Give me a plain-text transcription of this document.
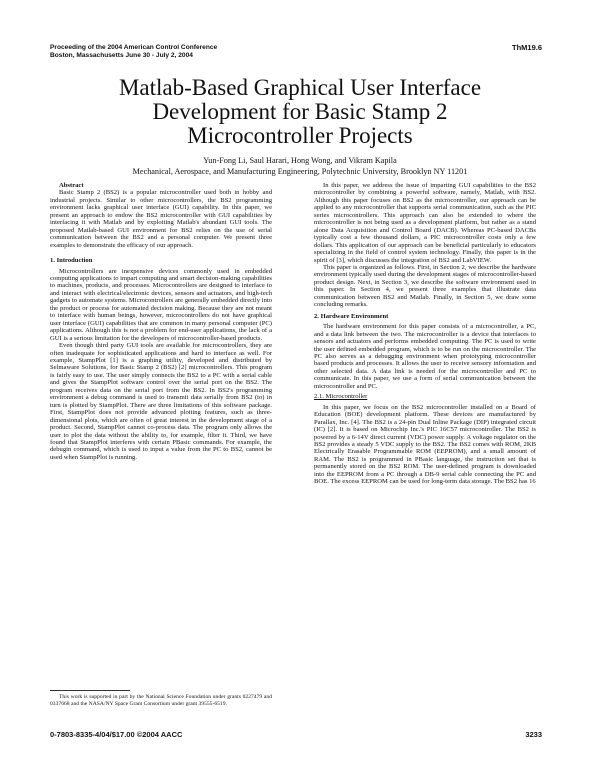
Proceeding of the 2004 American Control Conference
Boston, Massachusetts June 30 - July 2, 2004
ThM19.6
Matlab-Based Graphical User Interface
Development for Basic Stamp 2
Microcontroller Projects
Yun-Fong Li, Saul Harari, Hong Wong, and Vikram Kapila
Mechanical, Aerospace, and Manufacturing Engineering, Polytechnic University, Brooklyn NY 11201

Abstract

Basic Stamp 2 (BS2) is a popular microcontroller used both in hobby and industrial projects. Similar to other microcontrollers, the BS2 programming environment lacks graphical user interface (GUI) capability. In this paper, we present an approach to endow the BS2 microcontroller with GUI capabilities by interfacing it with Matlab and by exploiting Matlab's abundant GUI tools. The proposed Matlab-based GUI environment for BS2 relies on the use of serial communication between the BS2 and a personal computer. We present three examples to demonstrate the efficacy of our approach.

1. Introduction

Microcontrollers are inexpensive devices commonly used in embedded computing applications to impart computing and smart decision-making capabilities to machines, products, and processes. Microcontrollers are designed to interface to and interact with electrical/electronic devices, sensors and actuators, and high-tech gadgets to automate systems. Microcontrollers are generally embedded directly into the product or process for automated decision making. Because they are not meant to interface with human beings, however, microcontrollers do not have graphical user interface (GUI) capabilities that are common in many personal computer (PC) applications. Although this is not a problem for end-user applications, the lack of a GUI is a serious limitation for the developers of microcontroller-based products.

Even though third party GUI tools are available for microcontrollers, they are often inadequate for sophisticated applications and hard to interface as well. For example, StampPlot [1] is a graphing utility, developed and distributed by Selmaware Solutions, for Basic Stamp 2 (BS2) [2] microcontrollers. This program is fairly easy to use. The user simply connects the BS2 to a PC with a serial cable and gives the StampPlot software control over the serial port on the BS2. The program receives data on the serial port from the BS2. In BS2's programming environment a debug command is used to transmit data serially from BS2 (to) in turn is plotted by StampPlot. There are three limitations of this software package. First, StampPlot does not provide advanced plotting features, such as three-dimensional plots, which are often of great interest in the development stage of a product. Second, StampPlot cannot co-process data. The program only allows the user to plot the data without the ability to, for example, filter it. Third, we have found that StampPlot interferes with certain PBasic commands. For example, the debugin command, which is used to input a value from the PC to BS2, cannot be used when StampPlot is running.

In this paper, we address the issue of imparting GUI capabilities to the BS2 microcontroller by combining a powerful software, namely, Matlab, with BS2. Although this paper focuses on BS2 as the microcontroller, our approach can be applied to any microcontroller that supports serial communication, such as the PIC series microcontrollers. This approach can also be extended to where the microcontroller is not being used as a development platform, but rather as a stand alone Data Acquisition and Control Board (DACB). Whereas PC-based DACBs typically cost a few thousand dollars, a PIC microcontroller costs only a few dollars. This application of our approach can be beneficial particularly to educators specializing in the field of control system technology. Finally, this paper is in the spirit of [3], which discusses the integration of BS2 and LabVIEW.

This paper is organized as follows. First, in Section 2, we describe the hardware environment typically used during the development stages of microcontroller-based product design. Next, in Section 3, we describe the software environment used in this paper. In Section 4, we present three examples that illustrate data communication between BS2 and Matlab. Finally, in Section 5, we draw some concluding remarks.

2. Hardware Environment

The hardware environment for this paper consists of a microcontroller, a PC, and a data link between the two. The microcontroller is a device that interfaces to sensors and actuators and performs embedded computing. The PC is used to write the user defined embedded program, which is to be run on the microcontroller. The PC also serves as a debugging environment when prototyping microcontroller based products and processes. It allows the user to receive sensory information and other selected data. A data link is needed for the microcontroller and PC to communicate. In this paper, we use a form of serial communication between the microcontroller and PC.

2.1. Microcontroller

In this paper, we focus on the BS2 microcontroller installed on a Board of Education (BOE) development platform. These devices are manufactured by Parallax, Inc. [4]. The BS2 is a 24-pin Dual Inline Package (DIP) integrated circuit (IC) [2]. It is based on Microchip Inc.'s PIC 16C57 microcontroller. The BS2 is powered by a 6-14V direct current (VDC) power supply. A voltage regulator on the BS2 provides a steady 5 VDC supply to the BS2. The BS2 comes with ROM, 2KB Electrically Erasable Programmable ROM (EEPROM), and a small amount of RAM. The BS2 is programmed in PBasic language, the instruction set that is permanently stored on the BS2 ROM. The user-defined program is downloaded into the EEPROM from a PC through a DB-9 serial cable connecting the PC and BOE. The excess EEPROM can be used for long-term data storage. The BS2 has 16

This work is supported in part by the National Science Foundation under grants 0227479 and 0337668 and the NASA/NY Space Grant Consortium under grant 39555-6519.

0-7803-8335-4/04/$17.00 ©2004 AACC	3233
